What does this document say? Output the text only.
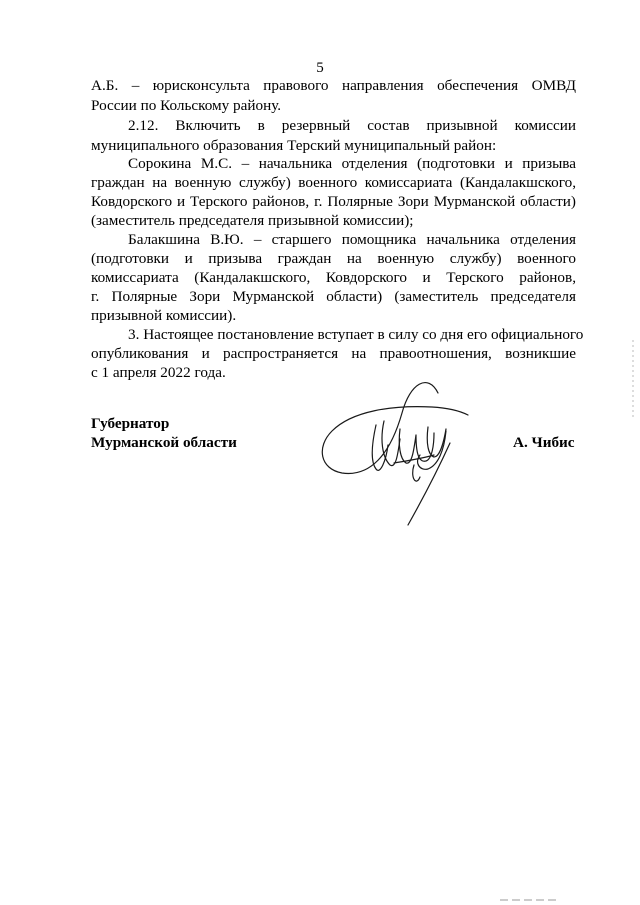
5
А.Б. – юрисконсульта правового направления обеспечения ОМВД
России по Кольскому району.
2.12. Включить в резервный состав призывной комиссии
муниципального образования Терский муниципальный район:
Сорокина М.С. – начальника отделения (подготовки и призыва
граждан на военную службу) военного комиссариата (Кандалакшского,
Ковдорского и Терского районов, г. Полярные Зори Мурманской области)
(заместитель председателя призывной комиссии);
Балакшина В.Ю. – старшего помощника начальника отделения
(подготовки и призыва граждан на военную службу) военного
комиссариата (Кандалакшского, Ковдорского и Терского районов,
г. Полярные Зори Мурманской области) (заместитель председателя
призывной комиссии).
3. Настоящее постановление вступает в силу со дня его официального
опубликования и распространяется на правоотношения, возникшие
с 1 апреля 2022 года.
Губернатор
Мурманской области	А. Чибис
